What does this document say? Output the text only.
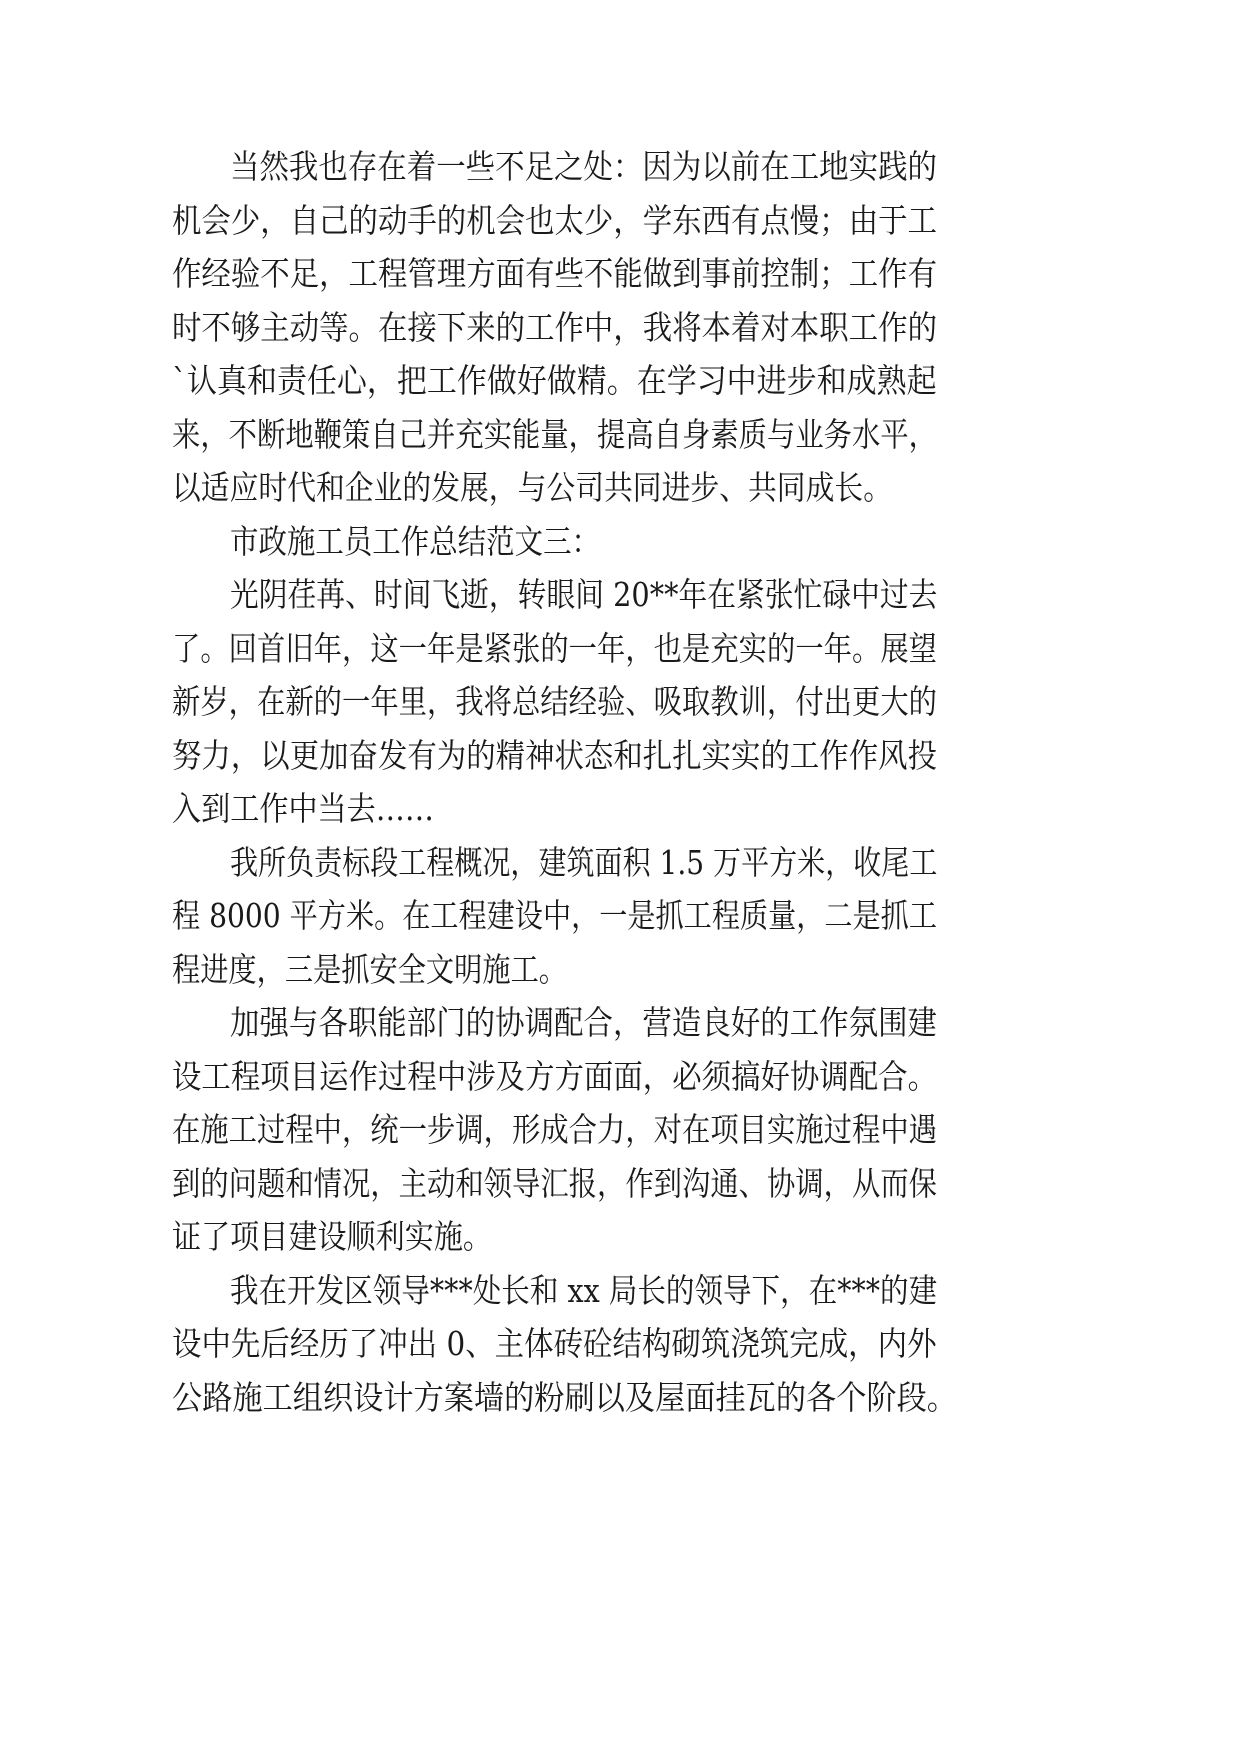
当然我也存在着一些不足之处：因为以前在工地实践的
机会少，自己的动手的机会也太少，学东西有点慢；由于工
作经验不足，工程管理方面有些不能做到事前控制；工作有
时不够主动等。在接下来的工作中，我将本着对本职工作的
`认真和责任心，把工作做好做精。在学习中进步和成熟起
来，不断地鞭策自己并充实能量，提高自身素质与业务水平，
以适应时代和企业的发展，与公司共同进步、共同成长。
市政施工员工作总结范文三：
光阴荏苒、时间飞逝，转眼间 20**年在紧张忙碌中过去
了。回首旧年，这一年是紧张的一年，也是充实的一年。展望
新岁，在新的一年里，我将总结经验、吸取教训，付出更大的
努力，以更加奋发有为的精神状态和扎扎实实的工作作风投
入到工作中当去……
我所负责标段工程概况，建筑面积 1.5 万平方米，收尾工
程 8000 平方米。在工程建设中，一是抓工程质量，二是抓工
程进度，三是抓安全文明施工。
加强与各职能部门的协调配合，营造良好的工作氛围建
设工程项目运作过程中涉及方方面面，必须搞好协调配合。
在施工过程中，统一步调，形成合力，对在项目实施过程中遇
到的问题和情况，主动和领导汇报，作到沟通、协调，从而保
证了项目建设顺利实施。
我在开发区领导***处长和 xx 局长的领导下，在***的建
设中先后经历了冲出 0、主体砖砼结构砌筑浇筑完成，内外
公路施工组织设计方案墙的粉刷以及屋面挂瓦的各个阶段。
